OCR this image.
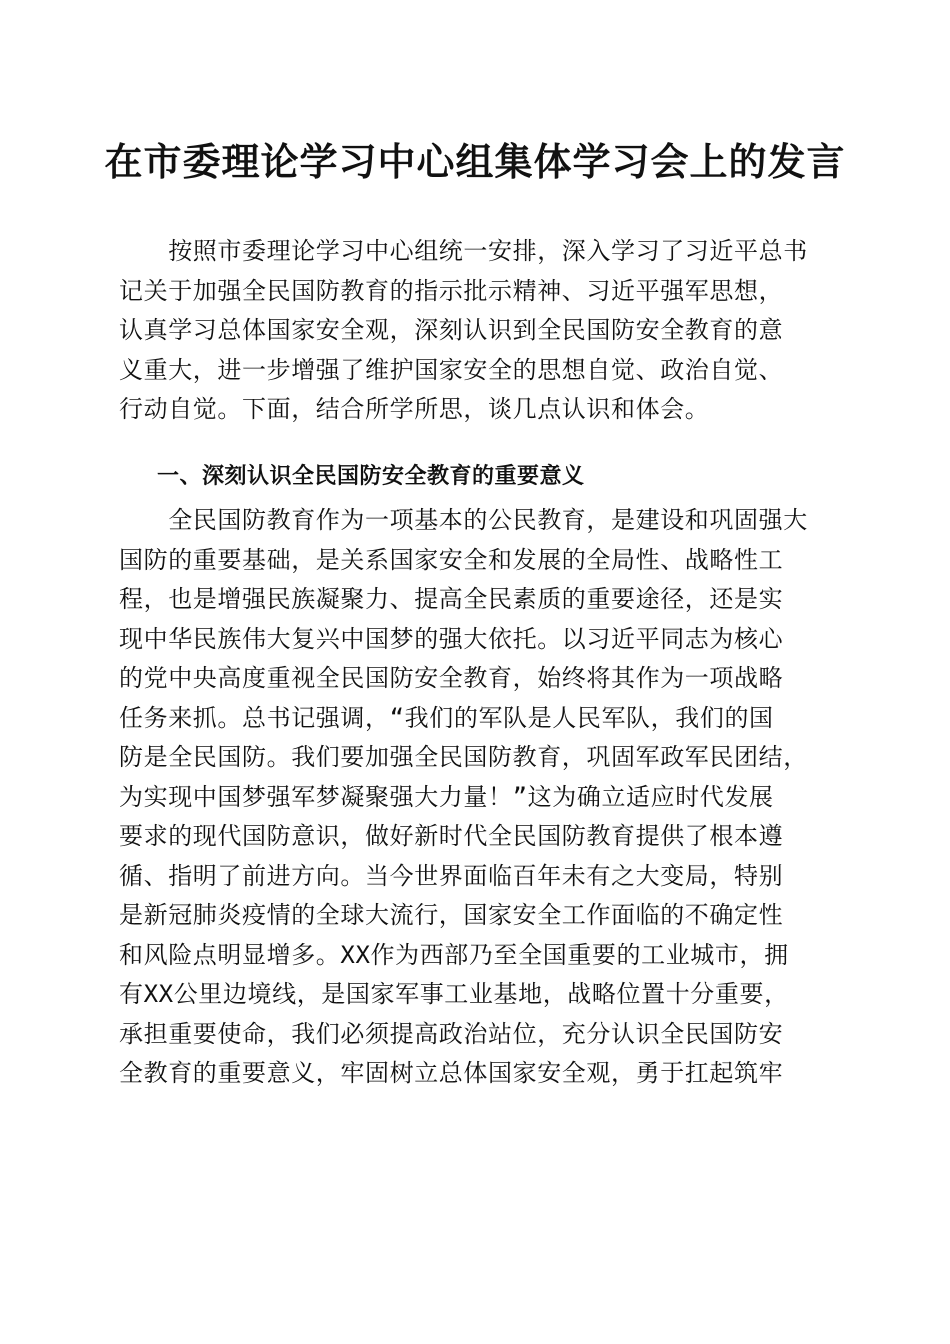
在市委理论学习中心组集体学习会上的发言
　　按照市委理论学习中心组统一安排，深入学习了习近平总书
记关于加强全民国防教育的指示批示精神、习近平强军思想，
认真学习总体国家安全观，深刻认识到全民国防安全教育的意
义重大，进一步增强了维护国家安全的思想自觉、政治自觉、
行动自觉。下面，结合所学所思，谈几点认识和体会。
一、深刻认识全民国防安全教育的重要意义
　　全民国防教育作为一项基本的公民教育，是建设和巩固强大
国防的重要基础，是关系国家安全和发展的全局性、战略性工
程，也是增强民族凝聚力、提高全民素质的重要途径，还是实
现中华民族伟大复兴中国梦的强大依托。以习近平同志为核心
的党中央高度重视全民国防安全教育，始终将其作为一项战略
任务来抓。总书记强调，“我们的军队是人民军队，我们的国
防是全民国防。我们要加强全民国防教育，巩固军政军民团结，
为实现中国梦强军梦凝聚强大力量！”这为确立适应时代发展
要求的现代国防意识，做好新时代全民国防教育提供了根本遵
循、指明了前进方向。当今世界面临百年未有之大变局，特别
是新冠肺炎疫情的全球大流行，国家安全工作面临的不确定性
和风险点明显增多。XX作为西部乃至全国重要的工业城市，拥
有XX公里边境线，是国家军事工业基地，战略位置十分重要，
承担重要使命，我们必须提高政治站位，充分认识全民国防安
全教育的重要意义，牢固树立总体国家安全观，勇于扛起筑牢
